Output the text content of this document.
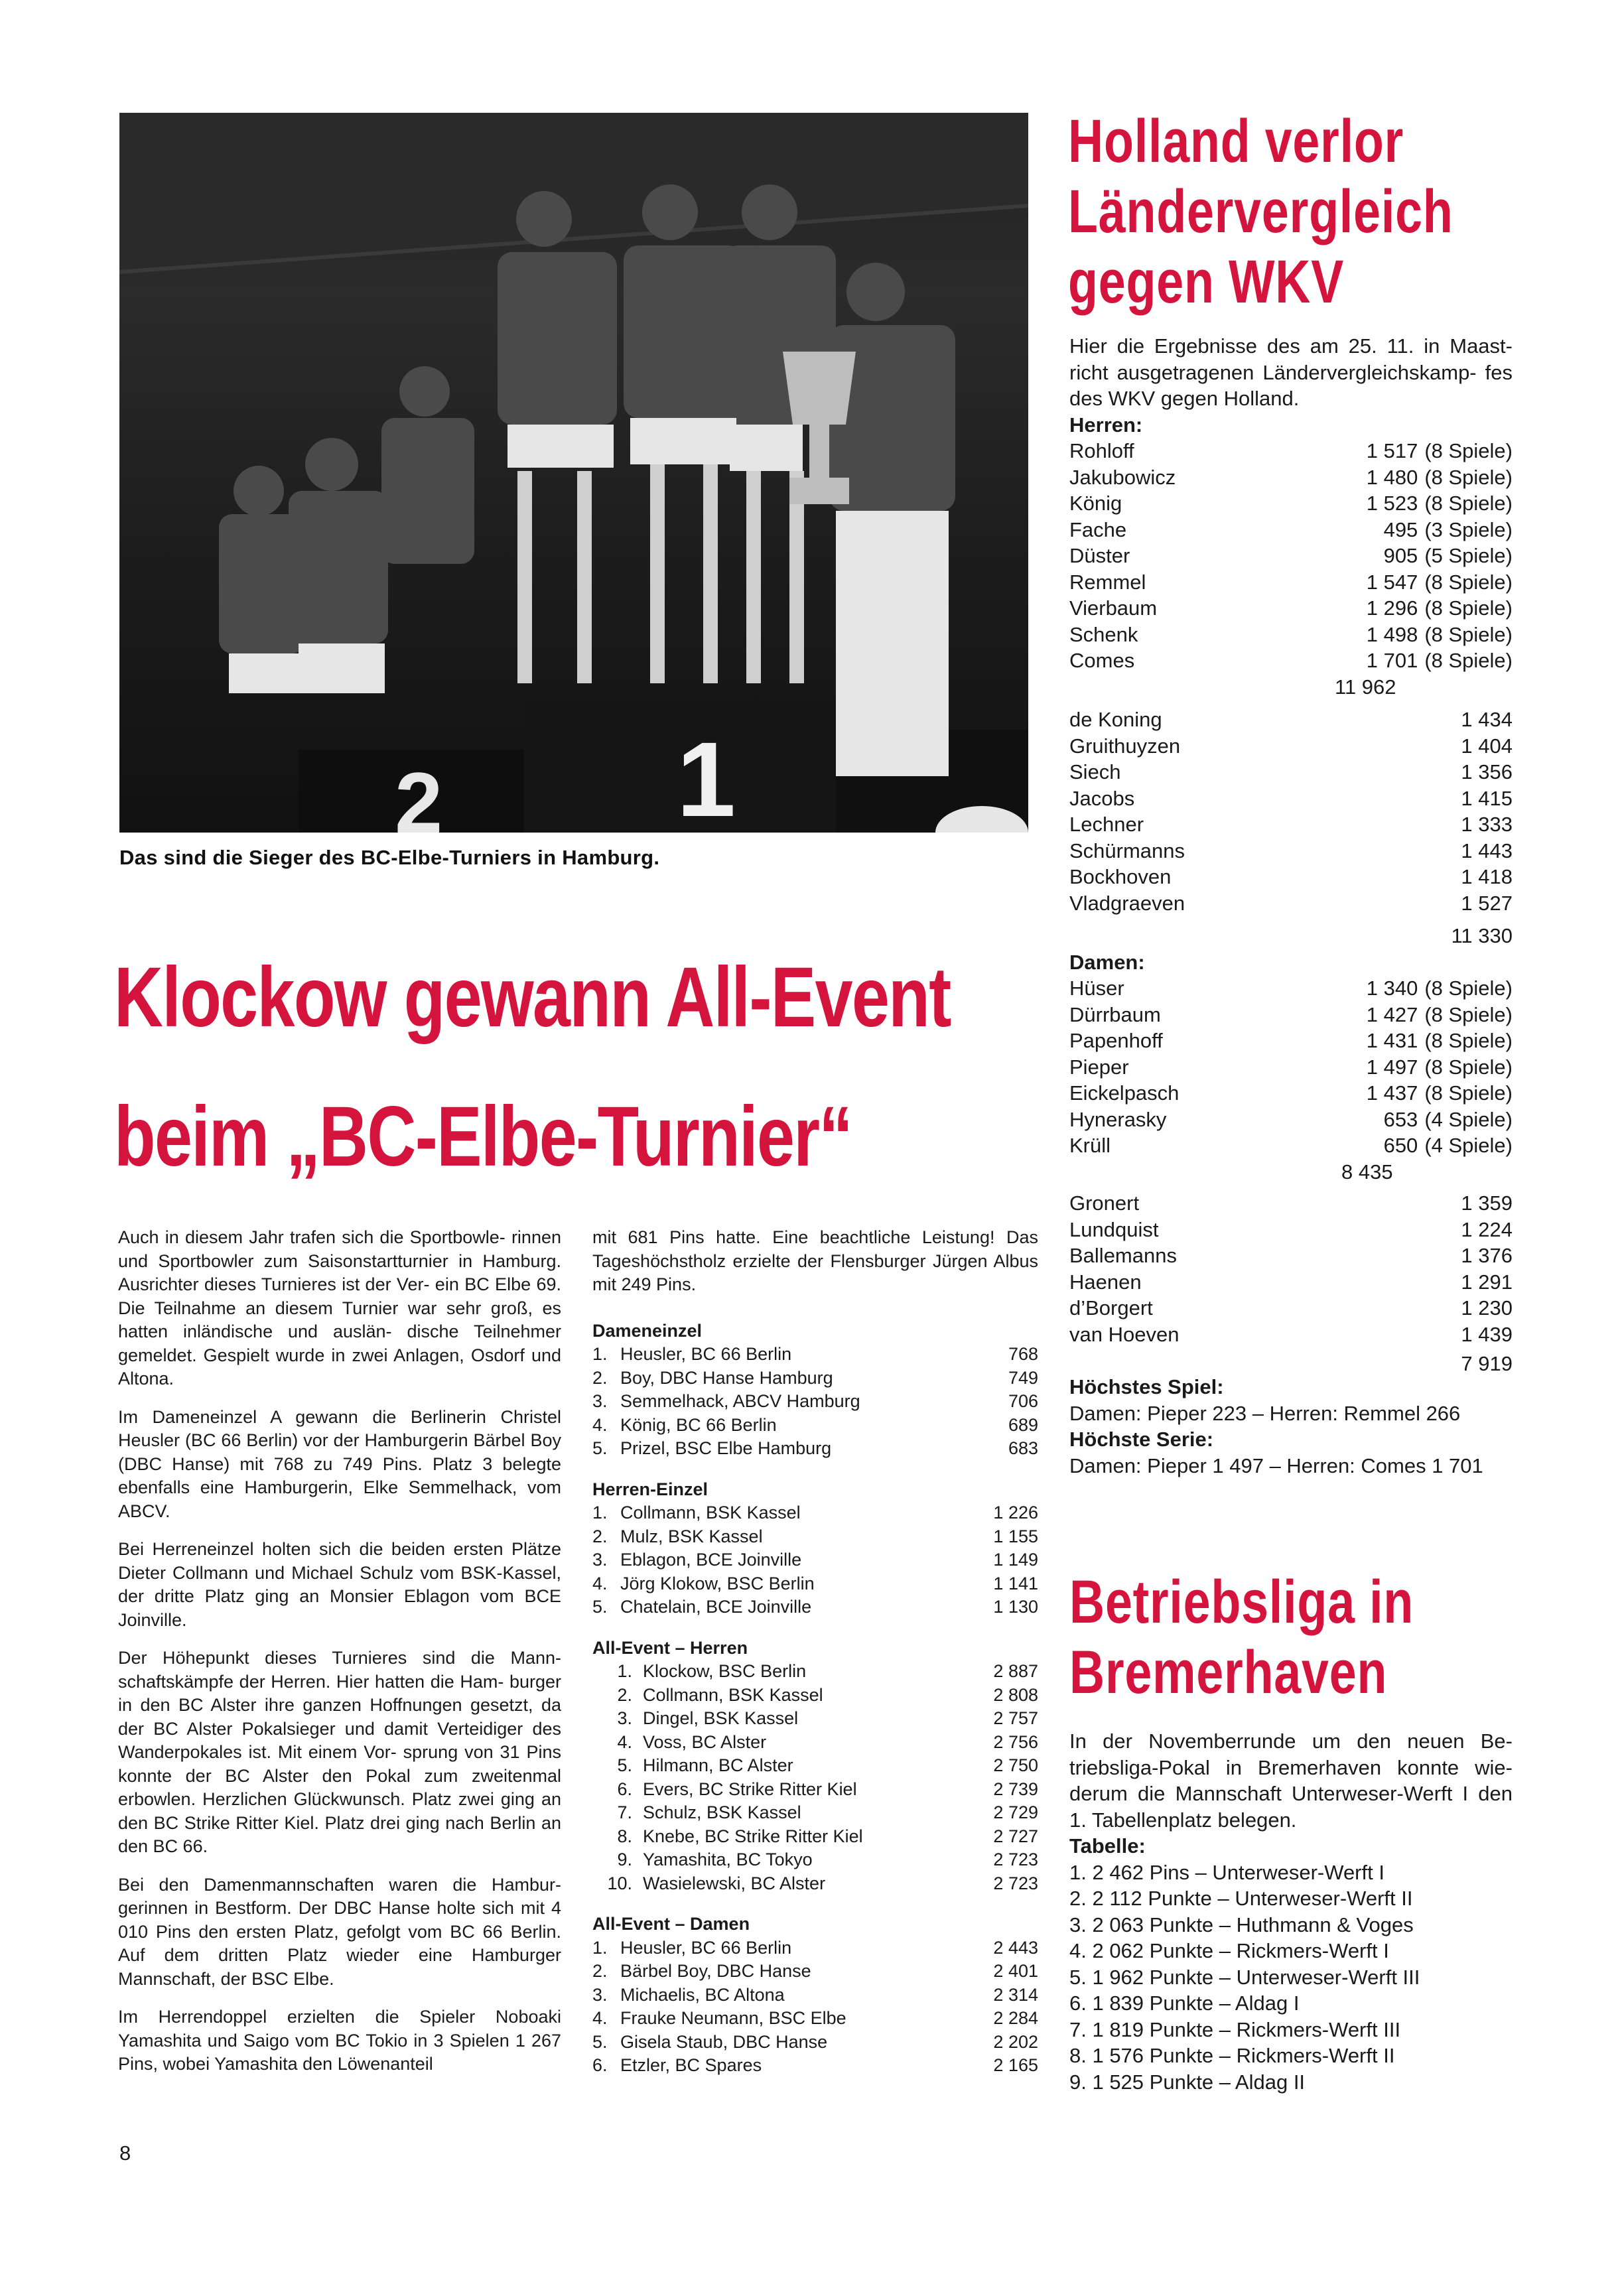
1
2
Das sind die Sieger des BC-Elbe-Turniers in Hamburg.
Klockow gewann All-Event
beim „BC-Elbe-Turnier“

Auch in diesem Jahr trafen sich die Sportbowle- rinnen und Sportbowler zum Saisonstartturnier in Hamburg. Ausrichter dieses Turnieres ist der Ver- ein BC Elbe 69. Die Teilnahme an diesem Turnier war sehr groß, es hatten inländische und auslän- dische Teilnehmer gemeldet. Gespielt wurde in zwei Anlagen, Osdorf und Altona.

Im Dameneinzel A gewann die Berlinerin Christel Heusler (BC 66 Berlin) vor der Hamburgerin Bärbel Boy (DBC Hanse) mit 768 zu 749 Pins. Platz 3 belegte ebenfalls eine Hamburgerin, Elke Semmelhack, vom ABCV.

Bei Herreneinzel holten sich die beiden ersten Plätze Dieter Collmann und Michael Schulz vom BSK-Kassel, der dritte Platz ging an Monsier Eblagon vom BCE Joinville.

Der Höhepunkt dieses Turnieres sind die Mann- schaftskämpfe der Herren. Hier hatten die Ham- burger in den BC Alster ihre ganzen Hoffnungen gesetzt, da der BC Alster Pokalsieger und damit Verteidiger des Wanderpokales ist. Mit einem Vor- sprung von 31 Pins konnte der BC Alster den Pokal zum zweitenmal erbowlen. Herzlichen Glückwunsch. Platz zwei ging an den BC Strike Ritter Kiel. Platz drei ging nach Berlin an den BC 66.

Bei den Damenmannschaften waren die Hambur- gerinnen in Bestform. Der DBC Hanse holte sich mit 4 010 Pins den ersten Platz, gefolgt vom BC 66 Berlin. Auf dem dritten Platz wieder eine Hamburger Mannschaft, der BSC Elbe.

Im Herrendoppel erzielten die Spieler Noboaki Yamashita und Saigo vom BC Tokio in 3 Spielen 1 267 Pins, wobei Yamashita den Löwenanteil

mit 681 Pins hatte. Eine beachtliche Leistung! Das Tageshöchstholz erzielte der Flensburger Jürgen Albus mit 249 Pins.

Dameneinzel
1. Heusler, BC 66 Berlin	768
2. Boy, DBC Hanse Hamburg	749
3. Semmelhack, ABCV Hamburg	706
4. König, BC 66 Berlin	689
5. Prizel, BSC Elbe Hamburg	683
Herren-Einzel
1. Collmann, BSK Kassel	1 226
2. Mulz, BSK Kassel	1 155
3. Eblagon, BCE Joinville	1 149
4. Jörg Klokow, BSC Berlin	1 141
5. Chatelain, BCE Joinville	1 130
All-Event – Herren
1. Klockow, BSC Berlin	2 887
2. Collmann, BSK Kassel	2 808
3. Dingel, BSK Kassel	2 757
4. Voss, BC Alster	2 756
5. Hilmann, BC Alster	2 750
6. Evers, BC Strike Ritter Kiel	2 739
7. Schulz, BSK Kassel	2 729
8. Knebe, BC Strike Ritter Kiel	2 727
9. Yamashita, BC Tokyo	2 723
10. Wasielewski, BC Alster	2 723
All-Event – Damen
1. Heusler, BC 66 Berlin	2 443
2. Bärbel Boy, DBC Hanse	2 401
3. Michaelis, BC Altona	2 314
4. Frauke Neumann, BSC Elbe	2 284
5. Gisela Staub, DBC Hanse	2 202
6. Etzler, BC Spares	2 165
Holland verlor
Ländervergleich
gegen WKV

Hier die Ergebnisse des am 25. 11. in Maast- richt ausgetragenen Ländervergleichskamp- fes des WKV gegen Holland.

Herren:
Rohloff	1 517 (8 Spiele)
Jakubowicz	1 480 (8 Spiele)
König	1 523 (8 Spiele)
Fache	495 (3 Spiele)
Düster	905 (5 Spiele)
Remmel	1 547 (8 Spiele)
Vierbaum	1 296 (8 Spiele)
Schenk	1 498 (8 Spiele)
Comes	1 701 (8 Spiele)
11 962
de Koning	1 434
Gruithuyzen	1 404
Siech	1 356
Jacobs	1 415
Lechner	1 333
Schürmanns	1 443
Bockhoven	1 418
Vladgraeven	1 527
11 330
Damen:
Hüser	1 340 (8 Spiele)
Dürrbaum	1 427 (8 Spiele)
Papenhoff	1 431 (8 Spiele)
Pieper	1 497 (8 Spiele)
Eickelpasch	1 437 (8 Spiele)
Hynerasky	653 (4 Spiele)
Krüll	650 (4 Spiele)
8 435
Gronert	1 359
Lundquist	1 224
Ballemanns	1 376
Haenen	1 291
d’Borgert	1 230
van Hoeven	1 439
7 919
Höchstes Spiel:
Damen: Pieper 223 – Herren: Remmel 266
Höchste Serie:
Damen: Pieper 1 497 – Herren: Comes 1 701
Betriebsliga in
Bremerhaven

In der Novemberrunde um den neuen Be- triebsliga-Pokal in Bremerhaven konnte wie- derum die Mannschaft Unterweser-Werft I den 1. Tabellenplatz belegen.

Tabelle:
1. 2 462 Pins – Unterweser-Werft I
2. 2 112 Punkte – Unterweser-Werft II
3. 2 063 Punkte – Huthmann & Voges
4. 2 062 Punkte – Rickmers-Werft I
5. 1 962 Punkte – Unterweser-Werft III
6. 1 839 Punkte – Aldag I
7. 1 819 Punkte – Rickmers-Werft III
8. 1 576 Punkte – Rickmers-Werft II
9. 1 525 Punkte – Aldag II
8
